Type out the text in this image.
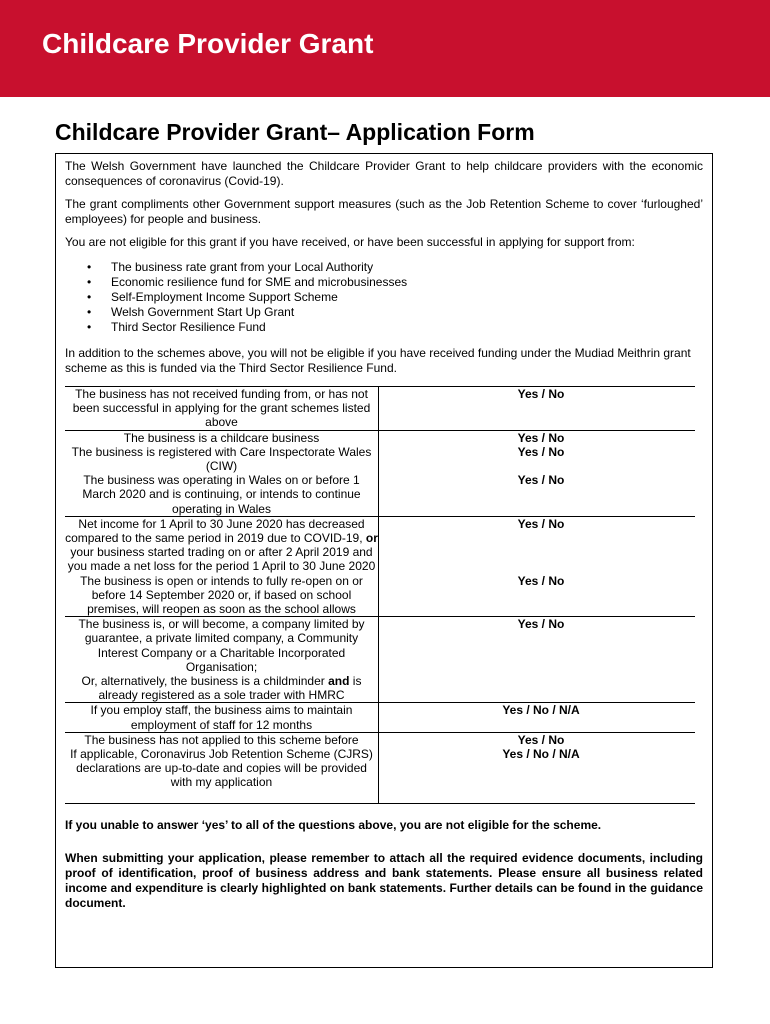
Childcare Provider Grant
Childcare Provider Grant– Application Form

The Welsh Government have launched the Childcare Provider Grant to help childcare providers with the economic consequences of coronavirus (Covid-19).

The grant compliments other Government support measures (such as the Job Retention Scheme to cover ‘furloughed’ employees) for people and business.

You are not eligible for this grant if you have received, or have been successful in applying for support from:

• The business rate grant from your Local Authority
• Economic resilience fund for SME and microbusinesses
• Self-Employment Income Support Scheme
• Welsh Government Start Up Grant
• Third Sector Resilience Fund

In addition to the schemes above, you will not be eligible if you have received funding under the Mudiad Meithrin grant scheme as this is funded via the Third Sector Resilience Fund.

The business has not received funding from, or has not been successful in applying for the grant schemes listed above	Yes / No
The business is a childcare business	Yes / No
The business is registered with Care Inspectorate Wales (CIW)	Yes / No
The business was operating in Wales on or before 1 March 2020 and is continuing, or intends to continue operating in Wales	Yes / No
Net income for 1 April to 30 June 2020 has decreased compared to the same period in 2019 due to COVID-19, or your business started trading on or after 2 April 2019 and you made a net loss for the period 1 April to 30 June 2020	Yes / No
The business is open or intends to fully re-open on or before 14 September 2020 or, if based on school premises, will reopen as soon as the school allows	Yes / No
The business is, or will become, a company limited by guarantee, a private limited company, a Community Interest Company or a Charitable Incorporated Organisation;
Or, alternatively, the business is a childminder and is already registered as a sole trader with HMRC	Yes / No
If you employ staff, the business aims to maintain employment of staff for 12 months	Yes / No / N/A
The business has not applied to this scheme before	Yes / No
If applicable, Coronavirus Job Retention Scheme (CJRS) declarations are up-to-date and copies will be provided with my application	Yes / No / N/A

If you unable to answer ‘yes’ to all of the questions above, you are not eligible for the scheme.

When submitting your application, please remember to attach all the required evidence documents, including proof of identification, proof of business address and bank statements. Please ensure all business related income and expenditure is clearly highlighted on bank statements. Further details can be found in the guidance document.
